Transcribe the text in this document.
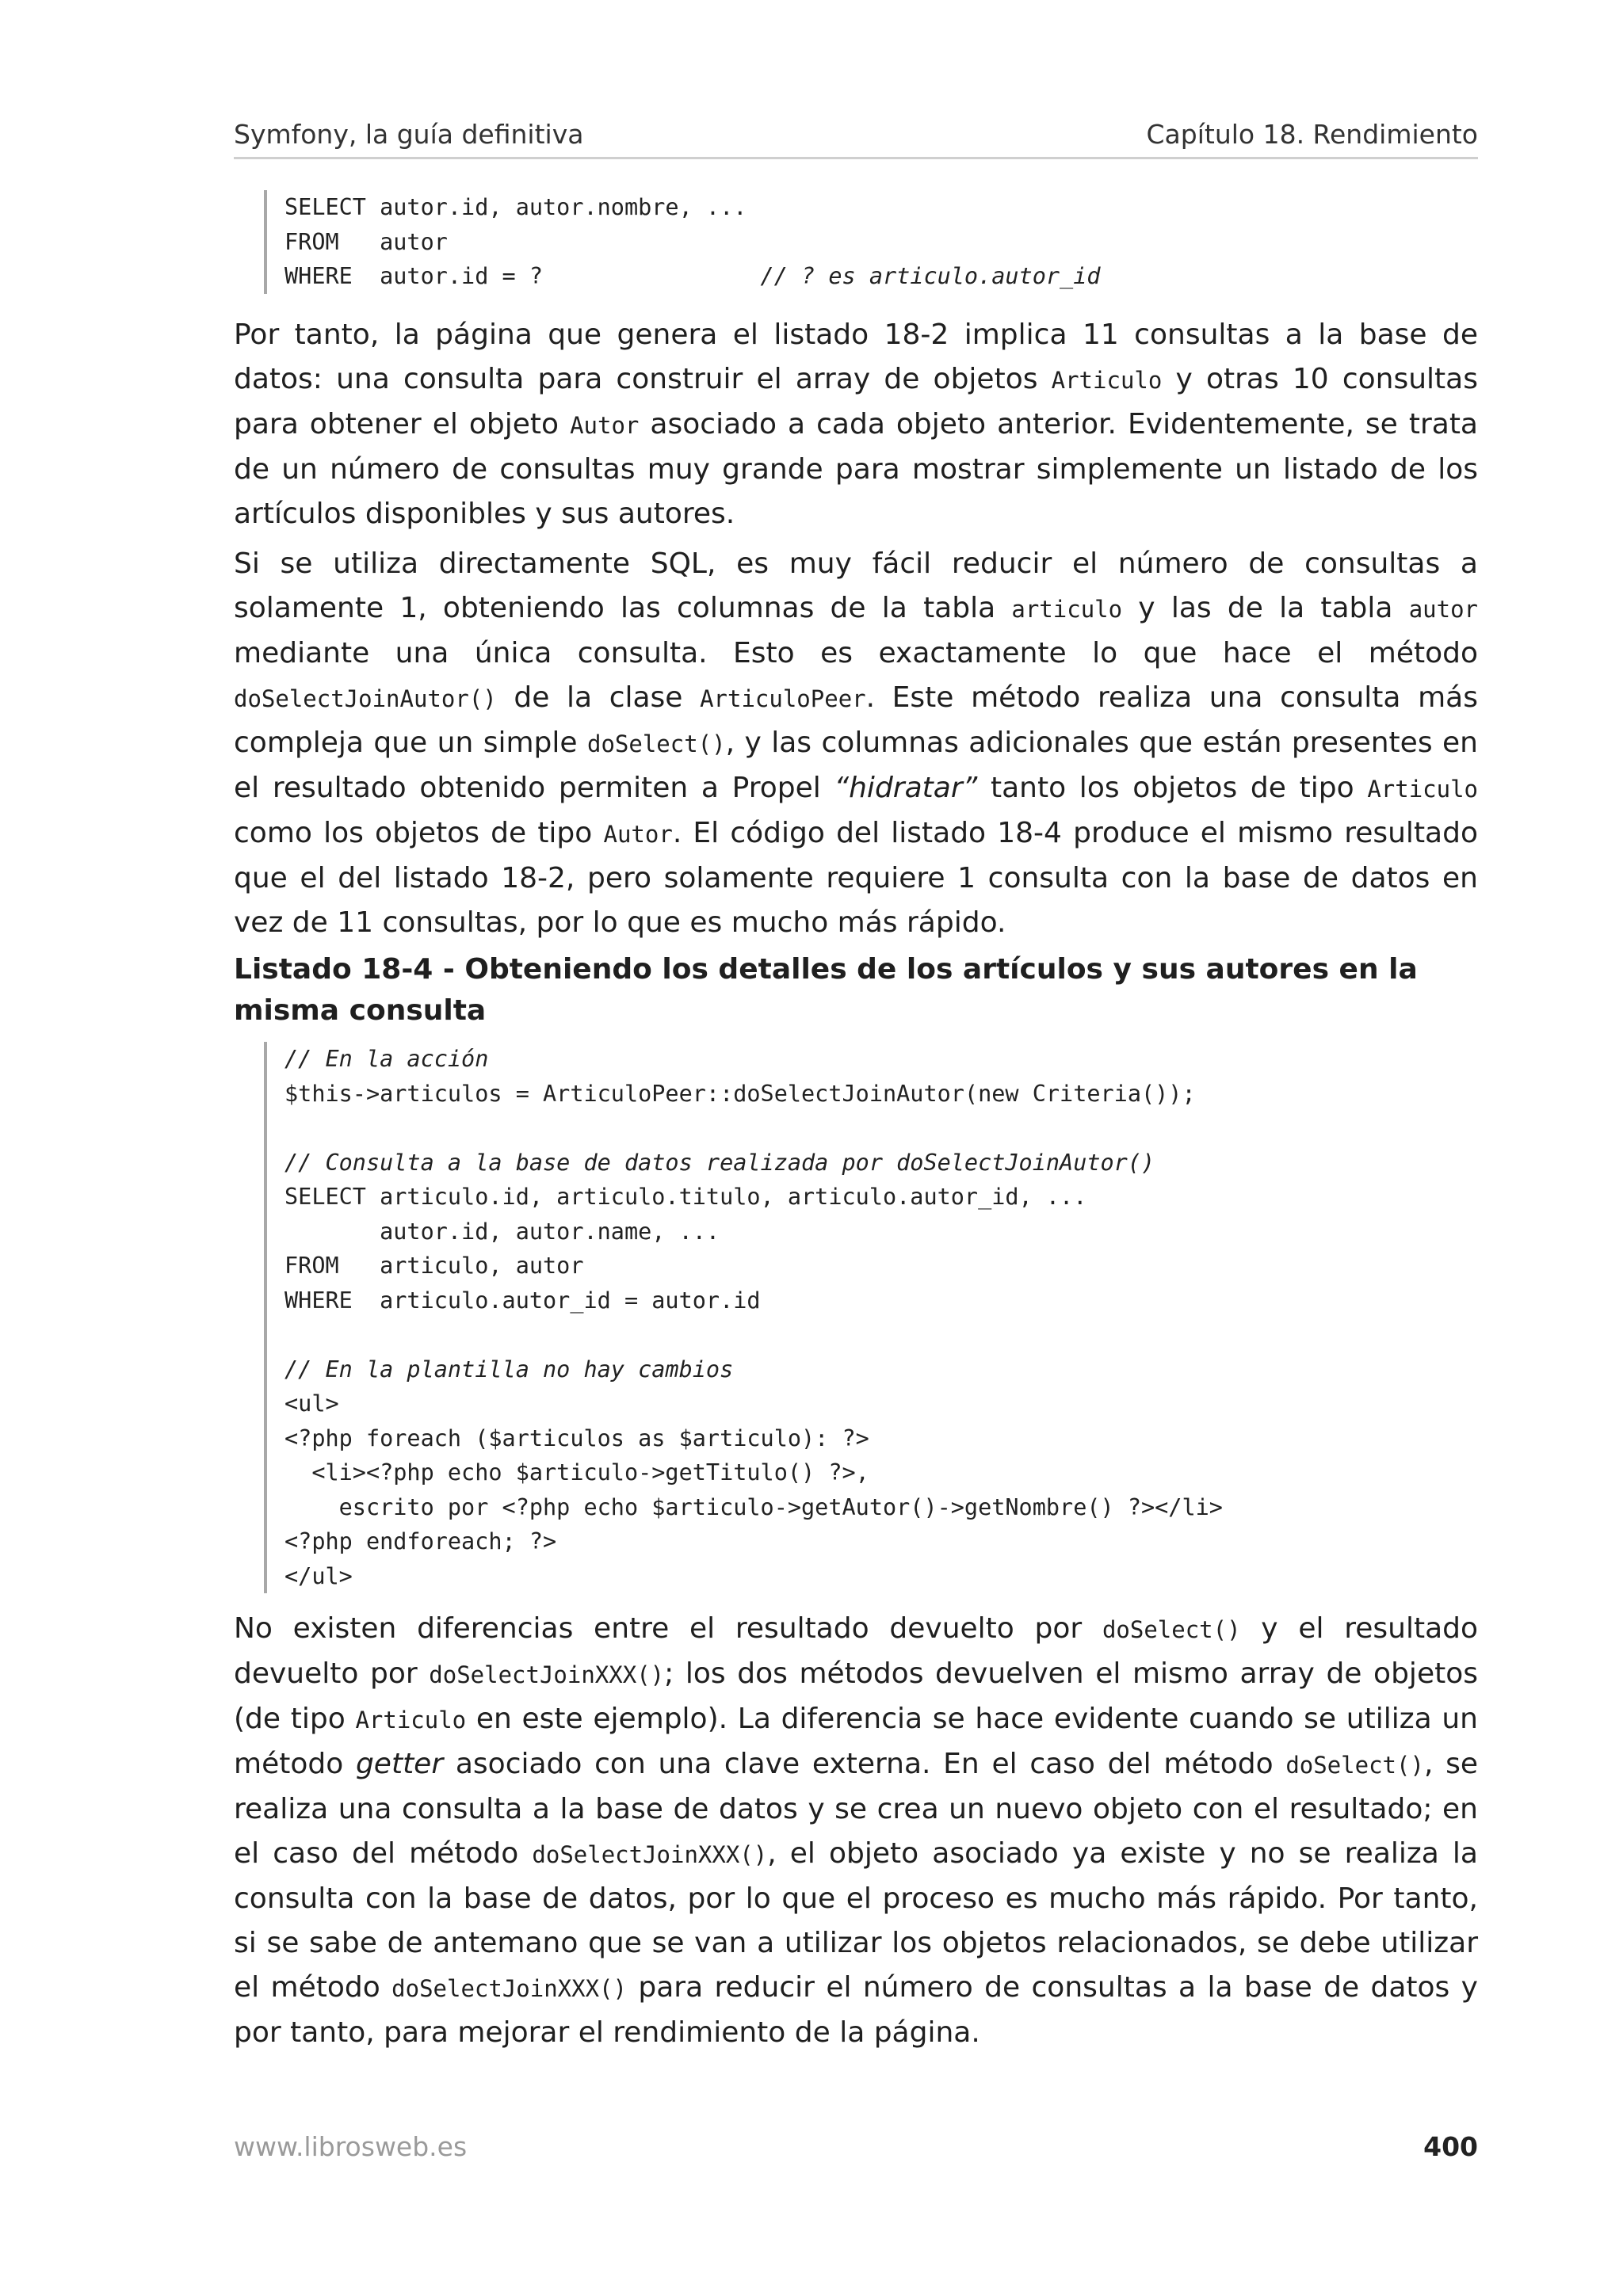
Symfony, la guía definitiva	Capítulo 18. Rendimiento
SELECT autor.id, autor.nombre, ...
FROM   autor
WHERE  autor.id = ?                // ? es articulo.autor_id

Por tanto, la página que genera el listado 18-2 implica 11 consultas a la base de datos: una consulta para construir el array de objetos Articulo y otras 10 consultas para obtener el objeto Autor asociado a cada objeto anterior. Evidentemente, se trata de un número de consultas muy grande para mostrar simplemente un listado de los artículos disponibles y sus autores.

Si se utiliza directamente SQL, es muy fácil reducir el número de consultas a solamente 1, obteniendo las columnas de la tabla articulo y las de la tabla autor mediante una única consulta. Esto es exactamente lo que hace el método doSelectJoinAutor() de la clase ArticuloPeer. Este método realiza una consulta más compleja que un simple doSelect(), y las columnas adicionales que están presentes en el resultado obtenido permiten a Propel “hidratar” tanto los objetos de tipo Articulo como los objetos de tipo Autor. El código del listado 18-4 produce el mismo resultado que el del listado 18-2, pero solamente requiere 1 consulta con la base de datos en vez de 11 consultas, por lo que es mucho más rápido.

Listado 18-4 - Obteniendo los detalles de los artículos y sus autores en la misma consulta

// En la acción
$this->articulos = ArticuloPeer::doSelectJoinAutor(new Criteria());
// Consulta a la base de datos realizada por doSelectJoinAutor()
SELECT articulo.id, articulo.titulo, articulo.autor_id, ...
autor.id, autor.name, ...
FROM   articulo, autor
WHERE  articulo.autor_id = autor.id
// En la plantilla no hay cambios
<ul>
<?php foreach ($articulos as $articulo): ?>
<li><?php echo $articulo->getTitulo() ?>,
escrito por <?php echo $articulo->getAutor()->getNombre() ?></li>
<?php endforeach; ?>
</ul>

No existen diferencias entre el resultado devuelto por doSelect() y el resultado devuelto por doSelectJoinXXX(); los dos métodos devuelven el mismo array de objetos (de tipo Articulo en este ejemplo). La diferencia se hace evidente cuando se utiliza un método getter asociado con una clave externa. En el caso del método doSelect(), se realiza una consulta a la base de datos y se crea un nuevo objeto con el resultado; en el caso del método doSelectJoinXXX(), el objeto asociado ya existe y no se realiza la consulta con la base de datos, por lo que el proceso es mucho más rápido. Por tanto, si se sabe de antemano que se van a utilizar los objetos relacionados, se debe utilizar el método doSelectJoinXXX() para reducir el número de consultas a la base de datos y por tanto, para mejorar el rendimiento de la página.

www.librosweb.es	400
